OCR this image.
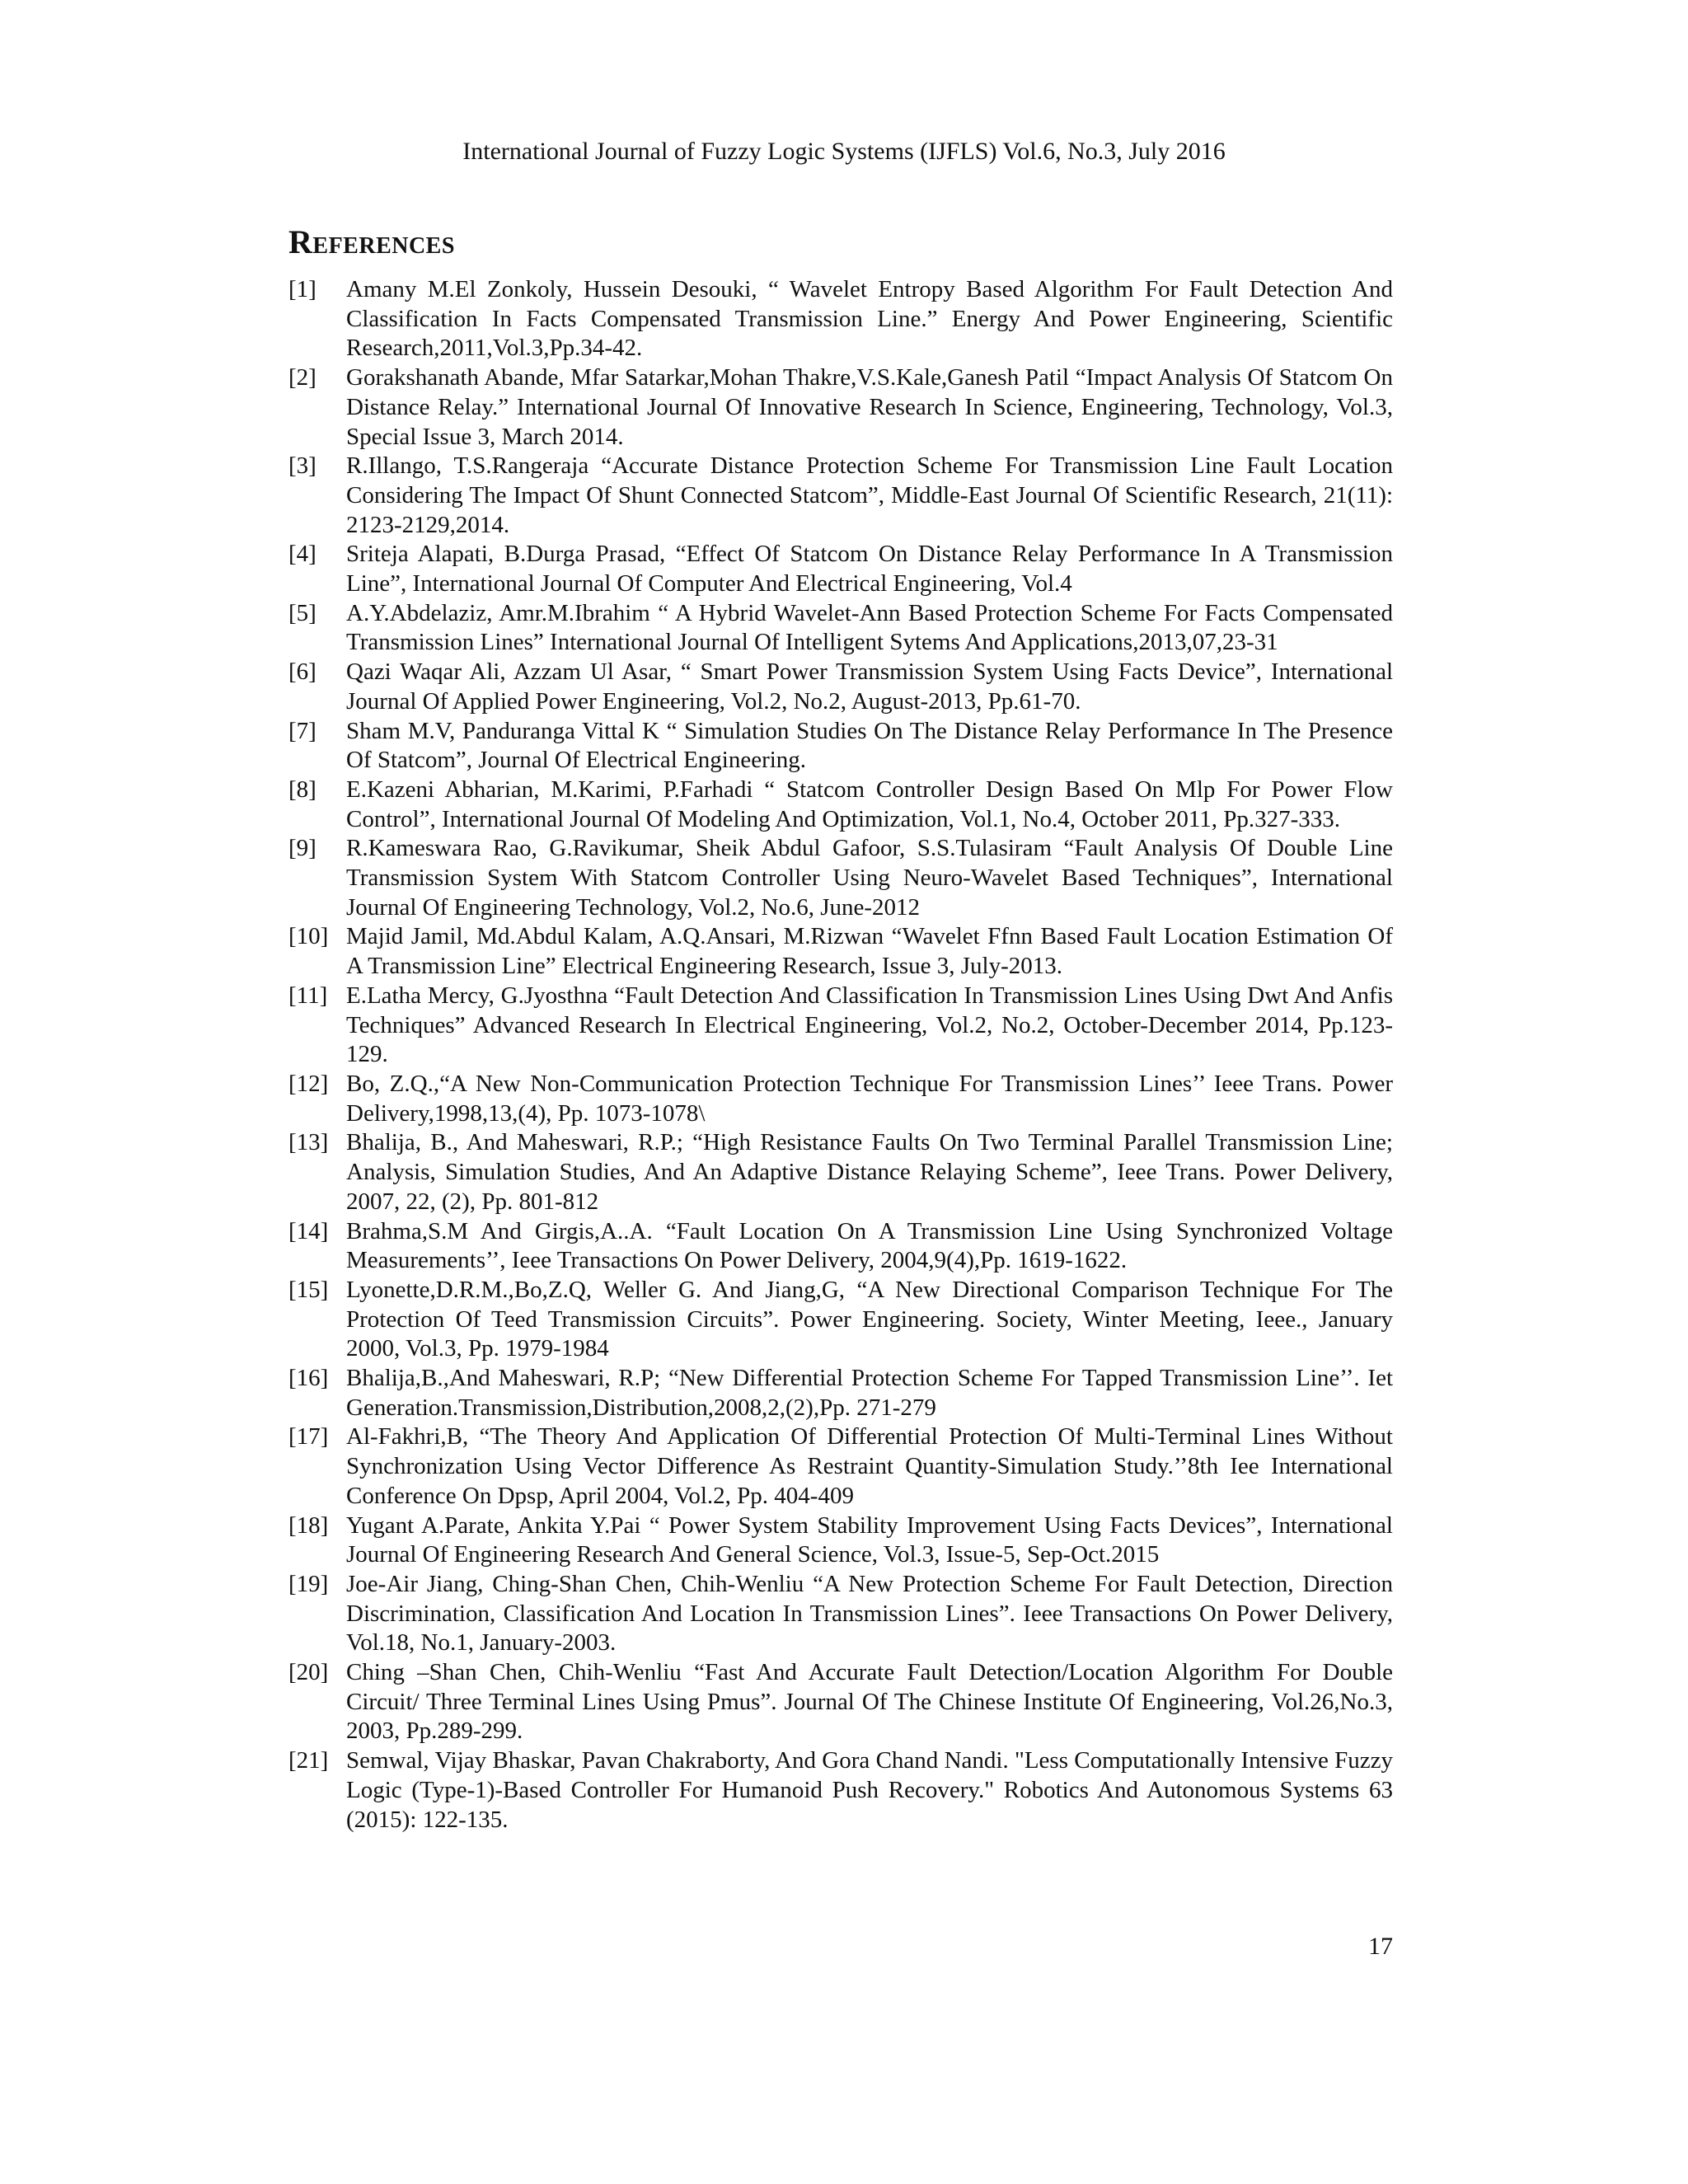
International Journal of Fuzzy Logic Systems (IJFLS) Vol.6, No.3, July 2016
References
[1] Amany M.El Zonkoly, Hussein Desouki, “ Wavelet Entropy Based Algorithm For Fault Detection And Classification In Facts Compensated Transmission Line.” Energy And Power Engineering, Scientific Research,2011,Vol.3,Pp.34-42.
[2] Gorakshanath Abande, Mfar Satarkar,Mohan Thakre,V.S.Kale,Ganesh Patil “Impact Analysis Of Statcom On Distance Relay.” International Journal Of Innovative Research In Science, Engineering, Technology, Vol.3, Special Issue 3, March 2014.
[3] R.Illango, T.S.Rangeraja “Accurate Distance Protection Scheme For Transmission Line Fault Location Considering The Impact Of Shunt Connected Statcom”, Middle-East Journal Of Scientific Research, 21(11): 2123-2129,2014.
[4] Sriteja Alapati, B.Durga Prasad, “Effect Of Statcom On Distance Relay Performance In A Transmission Line”, International Journal Of Computer And Electrical Engineering, Vol.4
[5] A.Y.Abdelaziz, Amr.M.Ibrahim “ A Hybrid Wavelet-Ann Based Protection Scheme For Facts Compensated Transmission Lines” International Journal Of Intelligent Sytems And Applications,2013,07,23-31
[6] Qazi Waqar Ali, Azzam Ul Asar, “ Smart Power Transmission System Using Facts Device”, International Journal Of Applied Power Engineering, Vol.2, No.2, August-2013, Pp.61-70.
[7] Sham M.V, Panduranga Vittal K “ Simulation Studies On The Distance Relay Performance In The Presence Of Statcom”, Journal Of Electrical Engineering.
[8] E.Kazeni Abharian, M.Karimi, P.Farhadi “ Statcom Controller Design Based On Mlp For Power Flow Control”, International Journal Of Modeling And Optimization, Vol.1, No.4, October 2011, Pp.327-333.
[9] R.Kameswara Rao, G.Ravikumar, Sheik Abdul Gafoor, S.S.Tulasiram “Fault Analysis Of Double Line Transmission System With Statcom Controller Using Neuro-Wavelet Based Techniques”, International Journal Of Engineering Technology, Vol.2, No.6, June-2012
[10] Majid Jamil, Md.Abdul Kalam, A.Q.Ansari, M.Rizwan “Wavelet Ffnn Based Fault Location Estimation Of A Transmission Line” Electrical Engineering Research, Issue 3, July-2013.
[11] E.Latha Mercy, G.Jyosthna “Fault Detection And Classification In Transmission Lines Using Dwt And Anfis Techniques” Advanced Research In Electrical Engineering, Vol.2, No.2, October-December 2014, Pp.123-129.
[12] Bo, Z.Q.,“A New Non-Communication Protection Technique For Transmission Lines’’ Ieee Trans. Power Delivery,1998,13,(4), Pp. 1073-1078\
[13] Bhalija, B., And Maheswari, R.P.; “High Resistance Faults On Two Terminal Parallel Transmission Line; Analysis, Simulation Studies, And An Adaptive Distance Relaying Scheme”, Ieee Trans. Power Delivery, 2007, 22, (2), Pp. 801-812
[14] Brahma,S.M And Girgis,A..A. “Fault Location On A Transmission Line Using Synchronized Voltage Measurements’’, Ieee Transactions On Power Delivery, 2004,9(4),Pp. 1619-1622.
[15] Lyonette,D.R.M.,Bo,Z.Q, Weller G. And Jiang,G, “A New Directional Comparison Technique For The Protection Of Teed Transmission Circuits”. Power Engineering. Society, Winter Meeting, Ieee., January 2000, Vol.3, Pp. 1979-1984
[16] Bhalija,B.,And Maheswari, R.P; “New Differential Protection Scheme For Tapped Transmission Line’’. Iet Generation.Transmission,Distribution,2008,2,(2),Pp. 271-279
[17] Al-Fakhri,B, “The Theory And Application Of Differential Protection Of Multi-Terminal Lines Without Synchronization Using Vector Difference As Restraint Quantity-Simulation Study.’’8th Iee International Conference On Dpsp, April 2004, Vol.2, Pp. 404-409
[18] Yugant A.Parate, Ankita Y.Pai “ Power System Stability Improvement Using Facts Devices”, International Journal Of Engineering Research And General Science, Vol.3, Issue-5, Sep-Oct.2015
[19] Joe-Air Jiang, Ching-Shan Chen, Chih-Wenliu “A New Protection Scheme For Fault Detection, Direction Discrimination, Classification And Location In Transmission Lines”. Ieee Transactions On Power Delivery, Vol.18, No.1, January-2003.
[20] Ching –Shan Chen, Chih-Wenliu “Fast And Accurate Fault Detection/Location Algorithm For Double Circuit/ Three Terminal Lines Using Pmus”. Journal Of The Chinese Institute Of Engineering, Vol.26,No.3, 2003, Pp.289-299.
[21] Semwal, Vijay Bhaskar, Pavan Chakraborty, And Gora Chand Nandi. "Less Computationally Intensive Fuzzy Logic (Type-1)-Based Controller For Humanoid Push Recovery." Robotics And Autonomous Systems 63 (2015): 122-135.
17
